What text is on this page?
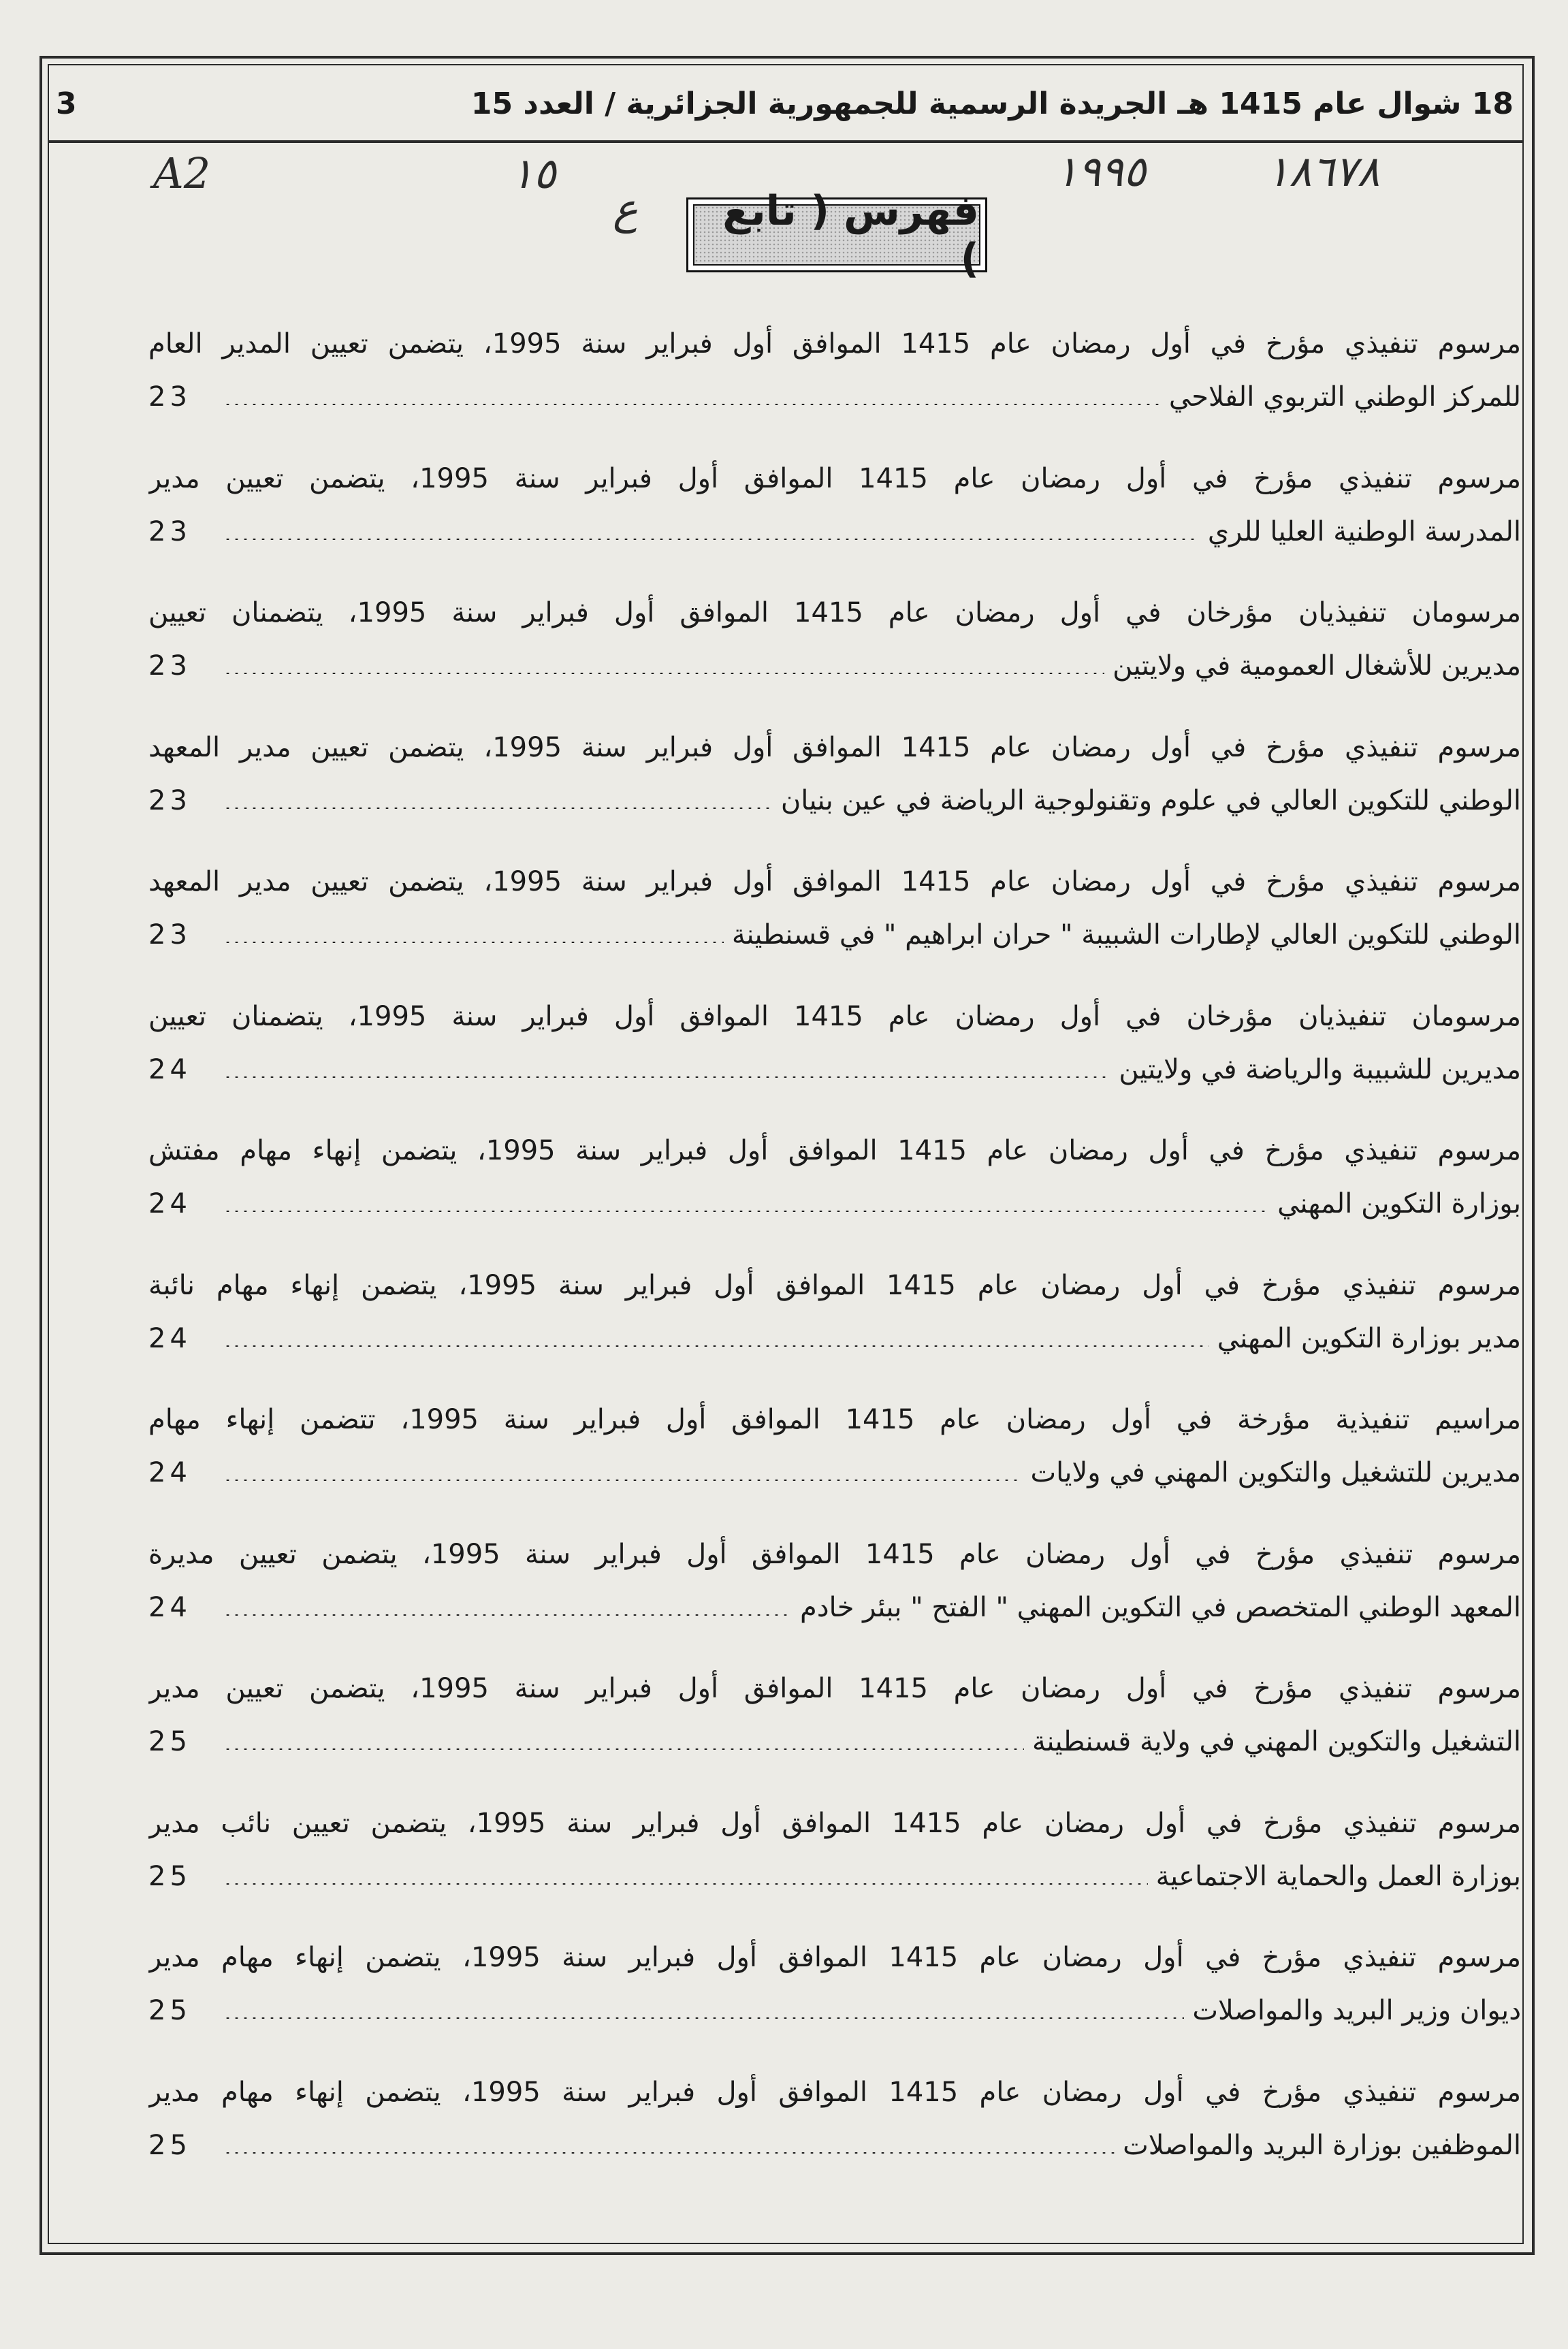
18 شوال عام 1415 هـ الجريدة الرسمية للجمهورية الجزائرية / العدد 15
3
A2	١٥
ع
١٩٩٥	١٨٦٧٨
فهرس ( تابع )
مرسوم تنفيذي مؤرخ في أول رمضان عام 1415 الموافق أول فبراير سنة 1995، يتضمن تعيين المدير العام
للمركز الوطني التربوي الفلاحي
23
مرسوم تنفيذي مؤرخ في أول رمضان عام 1415 الموافق أول فبراير سنة 1995، يتضمن تعيين مدير
المدرسة الوطنية العليا للري
23
مرسومان تنفيذيان مؤرخان في أول رمضان عام 1415 الموافق أول فبراير سنة 1995، يتضمنان تعيين
مديرين للأشغال العمومية في ولايتين
23
مرسوم تنفيذي مؤرخ في أول رمضان عام 1415 الموافق أول فبراير سنة 1995، يتضمن تعيين مدير المعهد
الوطني للتكوين العالي في علوم وتقنولوجية الرياضة في عين بنيان
23
مرسوم تنفيذي مؤرخ في أول رمضان عام 1415 الموافق أول فبراير سنة 1995، يتضمن تعيين مدير المعهد
الوطني للتكوين العالي لإطارات الشبيبة " حران ابراهيم " في قسنطينة
23
مرسومان تنفيذيان مؤرخان في أول رمضان عام 1415 الموافق أول فبراير سنة 1995، يتضمنان تعيين
مديرين للشبيبة والرياضة في ولايتين
24
مرسوم تنفيذي مؤرخ في أول رمضان عام 1415 الموافق أول فبراير سنة 1995، يتضمن إنهاء مهام مفتش
بوزارة التكوين المهني
24
مرسوم تنفيذي مؤرخ في أول رمضان عام 1415 الموافق أول فبراير سنة 1995، يتضمن إنهاء مهام نائبة
مدير بوزارة التكوين المهني
24
مراسيم تنفيذية مؤرخة في أول رمضان عام 1415 الموافق أول فبراير سنة 1995، تتضمن إنهاء مهام
مديرين للتشغيل والتكوين المهني في ولايات
24
مرسوم تنفيذي مؤرخ في أول رمضان عام 1415 الموافق أول فبراير سنة 1995، يتضمن تعيين مديرة
المعهد الوطني المتخصص في التكوين المهني " الفتح " ببئر خادم
24
مرسوم تنفيذي مؤرخ في أول رمضان عام 1415 الموافق أول فبراير سنة 1995، يتضمن تعيين مدير
التشغيل والتكوين المهني في ولاية قسنطينة
25
مرسوم تنفيذي مؤرخ في أول رمضان عام 1415 الموافق أول فبراير سنة 1995، يتضمن تعيين نائب مدير
بوزارة العمل والحماية الاجتماعية
25
مرسوم تنفيذي مؤرخ في أول رمضان عام 1415 الموافق أول فبراير سنة 1995، يتضمن إنهاء مهام مدير
ديوان وزير البريد والمواصلات
25
مرسوم تنفيذي مؤرخ في أول رمضان عام 1415 الموافق أول فبراير سنة 1995، يتضمن إنهاء مهام مدير
الموظفين بوزارة البريد والمواصلات
25
